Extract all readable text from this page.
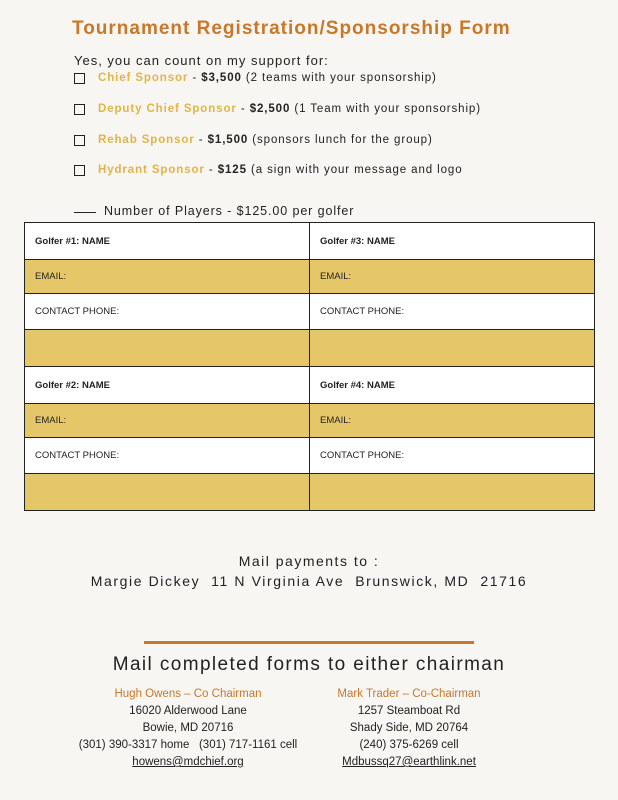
Tournament Registration/Sponsorship Form
Yes, you can count on my support for:
Chief Sponsor - $3,500 (2 teams with your sponsorship)
Deputy Chief Sponsor - $2,500 (1 Team with your sponsorship)
Rehab Sponsor - $1,500 (sponsors lunch for the group)
Hydrant Sponsor - $125 (a sign with your message and logo
Number of Players - $125.00 per golfer
Golfer #1: NAME	Golfer #3: NAME
EMAIL:	EMAIL:
CONTACT PHONE:	CONTACT PHONE:

Golfer #2: NAME	Golfer #4: NAME
EMAIL:	EMAIL:
CONTACT PHONE:	CONTACT PHONE:

Mail payments to :
Margie Dickey  11 N Virginia Ave  Brunswick, MD  21716
Mail completed forms to either chairman
Hugh Owens – Co Chairman
16020 Alderwood Lane
Bowie, MD 20716
(301) 390-3317 home   (301) 717-1161 cell
howens@mdchief.org
Mark Trader – Co-Chairman
1257 Steamboat Rd
Shady Side, MD 20764
(240) 375-6269 cell
Mdbussq27@earthlink.net
